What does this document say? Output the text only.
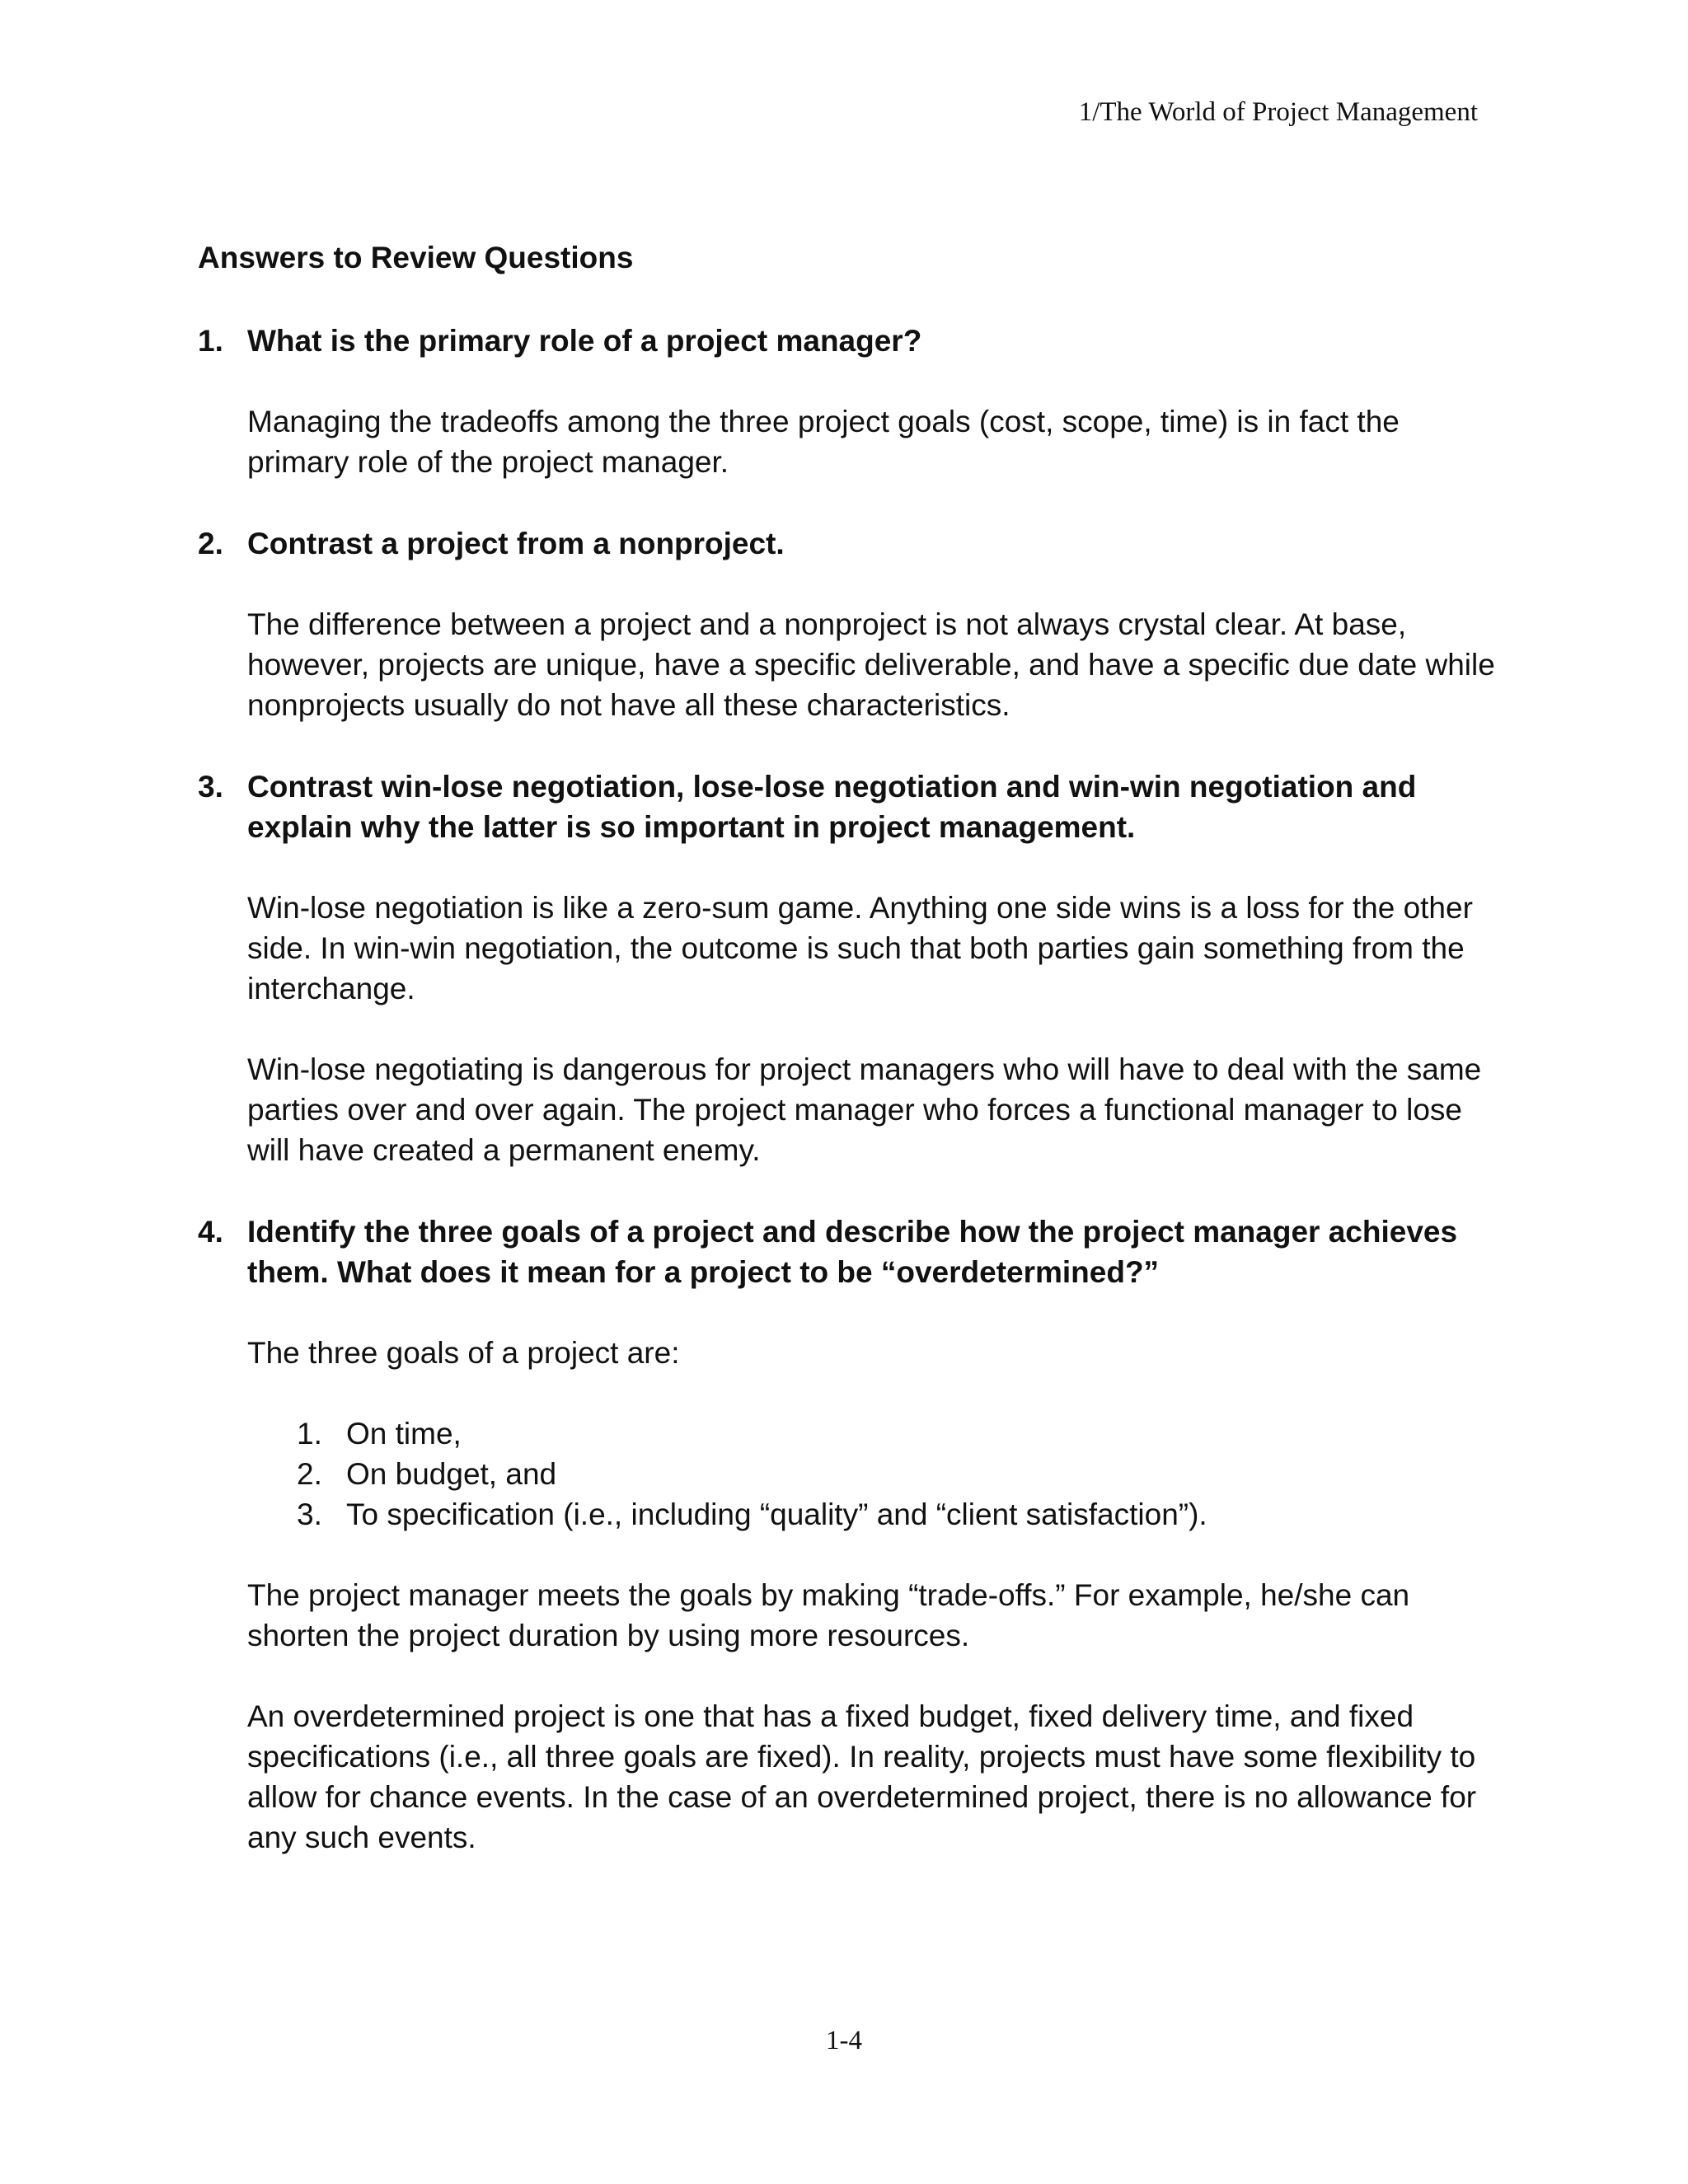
1/The World of Project Management
Answers to Review Questions
1. What is the primary role of a project manager?

Managing the tradeoffs among the three project goals (cost, scope, time) is in fact the primary role of the project manager.

2. Contrast a project from a nonproject.

The difference between a project and a nonproject is not always crystal clear. At base, however, projects are unique, have a specific deliverable, and have a specific due date while nonprojects usually do not have all these characteristics.

3. Contrast win-lose negotiation, lose-lose negotiation and win-win negotiation and explain why the latter is so important in project management.

Win-lose negotiation is like a zero-sum game. Anything one side wins is a loss for the other side. In win-win negotiation, the outcome is such that both parties gain something from the interchange.

Win-lose negotiating is dangerous for project managers who will have to deal with the same parties over and over again. The project manager who forces a functional manager to lose will have created a permanent enemy.

4. Identify the three goals of a project and describe how the project manager achieves them. What does it mean for a project to be “overdetermined?”

The three goals of a project are:

1. On time,
2. On budget, and
3. To specification (i.e., including “quality” and “client satisfaction”).

The project manager meets the goals by making “trade-offs.” For example, he/she can shorten the project duration by using more resources.

An overdetermined project is one that has a fixed budget, fixed delivery time, and fixed specifications (i.e., all three goals are fixed). In reality, projects must have some flexibility to allow for chance events. In the case of an overdetermined project, there is no allowance for any such events.

1-4
